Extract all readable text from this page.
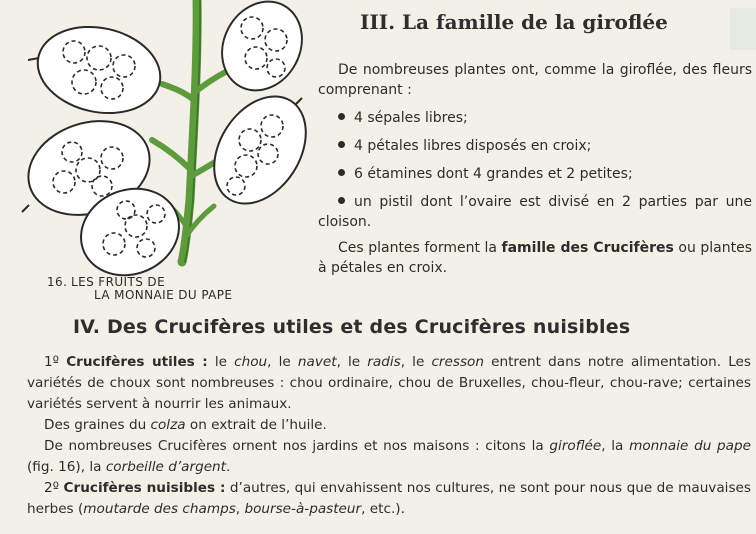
16. LES FRUITS DE
LA MONNAIE DU PAPE
III. La famille de la giroflée

De nombreuses plantes ont, comme la giroflée, des fleurs comprenant :

4 sépales libres;

4 pétales libres disposés en croix;

6 étamines dont 4 grandes et 2 petites;

un pistil dont l’ovaire est divisé en 2 parties par une cloison.

Ces plantes forment la famille des Crucifères ou plantes à pétales en croix.

IV. Des Crucifères utiles et des Crucifères nuisibles

1º Crucifères utiles : le chou, le navet, le radis, le cresson entrent dans notre alimentation. Les variétés de choux sont nombreuses : chou ordinaire, chou de Bruxelles, chou-fleur, chou-rave; certaines variétés servent à nourrir les animaux.

Des graines du colza on extrait de l’huile.

De nombreuses Crucifères ornent nos jardins et nos maisons : citons la giroflée, la monnaie du pape (fig. 16), la corbeille d’argent.

2º Crucifères nuisibles : d’autres, qui envahissent nos cultures, ne sont pour nous que de mauvaises herbes (moutarde des champs, bourse-à-pasteur, etc.).
